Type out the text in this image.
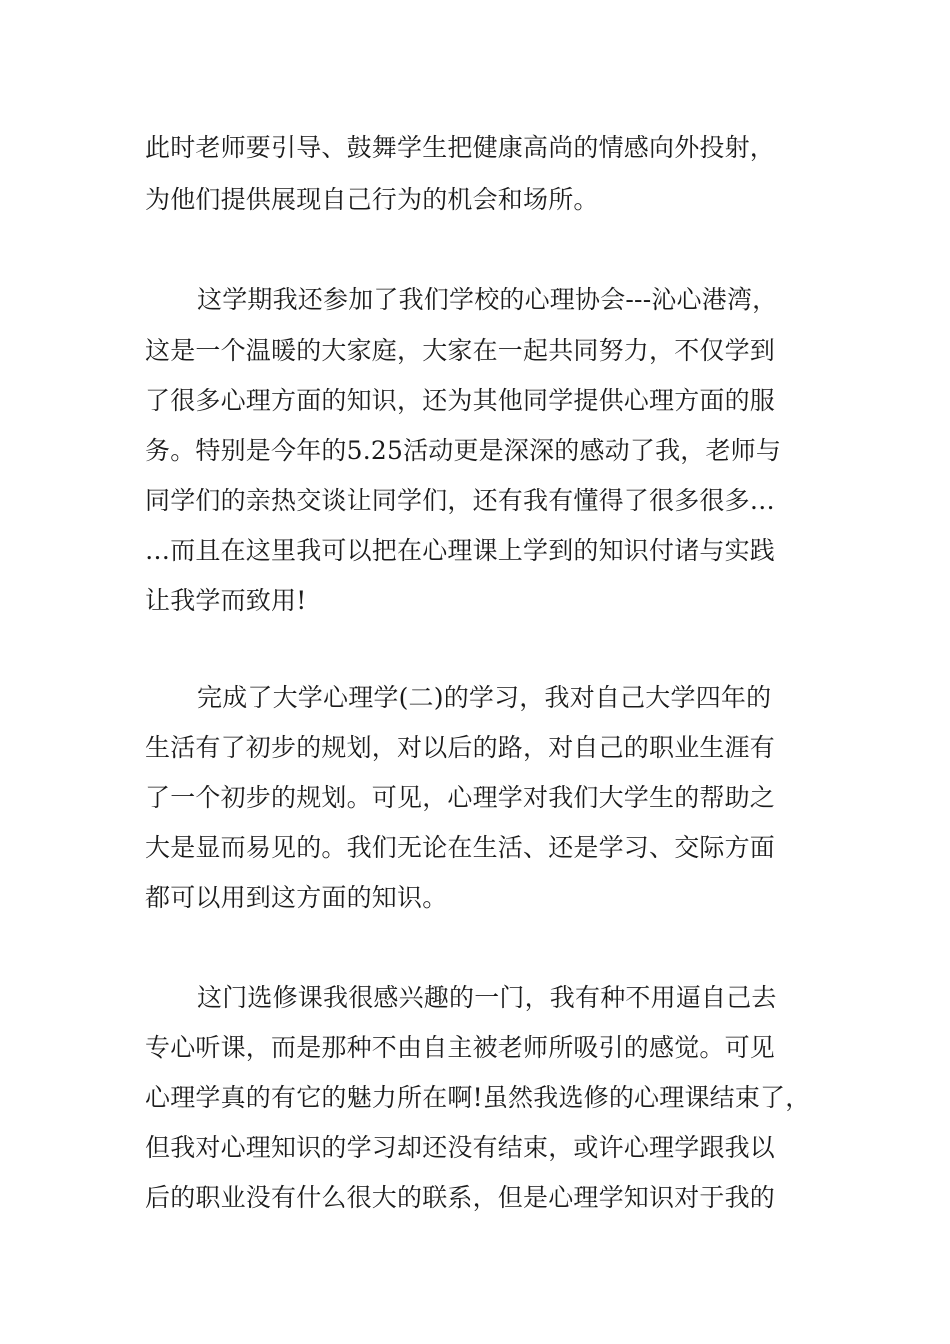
此时老师要引导、鼓舞学生把健康高尚的情感向外投射，
为他们提供展现自己行为的机会和场所。
这学期我还参加了我们学校的心理协会---沁心港湾，
这是一个温暖的大家庭，大家在一起共同努力，不仅学到
了很多心理方面的知识，还为其他同学提供心理方面的服
务。特别是今年的5.25活动更是深深的感动了我，老师与
同学们的亲热交谈让同学们，还有我有懂得了很多很多…
…而且在这里我可以把在心理课上学到的知识付诸与实践
让我学而致用!
完成了大学心理学(二)的学习，我对自己大学四年的
生活有了初步的规划，对以后的路，对自己的职业生涯有
了一个初步的规划。可见，心理学对我们大学生的帮助之
大是显而易见的。我们无论在生活、还是学习、交际方面
都可以用到这方面的知识。
这门选修课我很感兴趣的一门，我有种不用逼自己去
专心听课，而是那种不由自主被老师所吸引的感觉。可见
心理学真的有它的魅力所在啊!虽然我选修的心理课结束了，
但我对心理知识的学习却还没有结束，或许心理学跟我以
后的职业没有什么很大的联系，但是心理学知识对于我的
